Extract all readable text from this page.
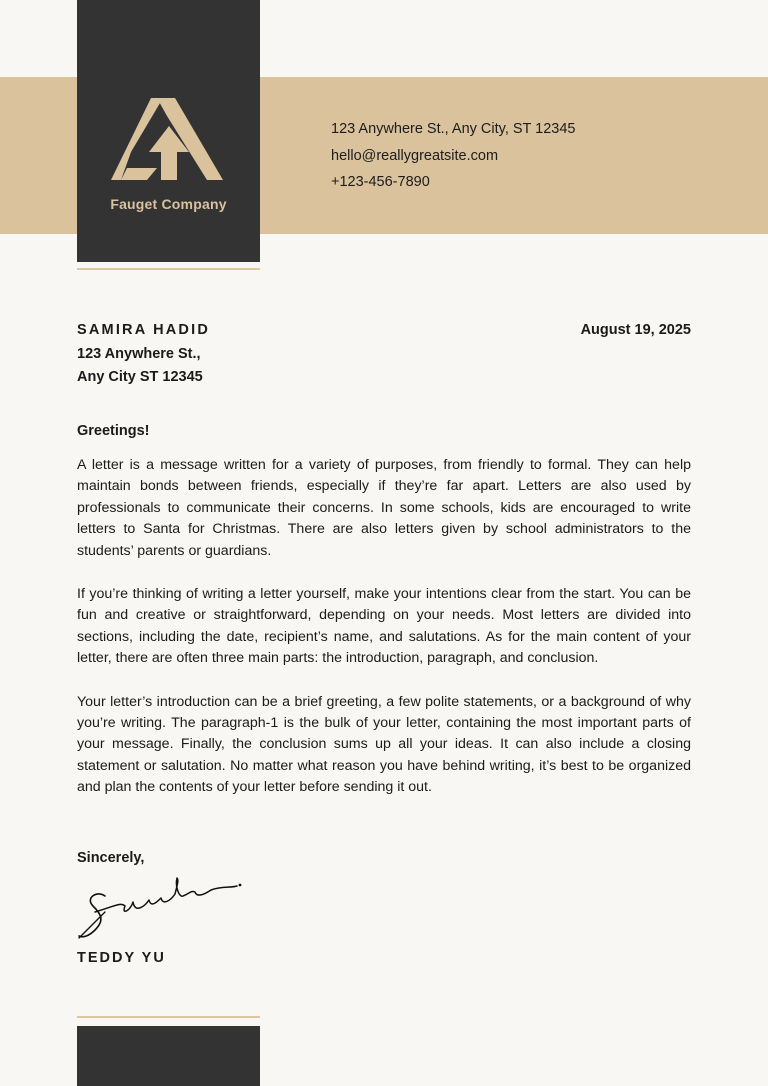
Fauget Company
123 Anywhere St., Any City, ST 12345
hello@reallygreatsite.com
+123-456-7890
SAMIRA HADID
123 Anywhere St.,
Any City ST 12345
August 19, 2025
Greetings!

A letter is a message written for a variety of purposes, from friendly to formal. They can help maintain bonds between friends, especially if they’re far apart. Letters are also used by professionals to communicate their concerns. In some schools, kids are encouraged to write letters to Santa for Christmas. There are also letters given by school administrators to the students’ parents or guardians.

If you’re thinking of writing a letter yourself, make your intentions clear from the start. You can be fun and creative or straightforward, depending on your needs. Most letters are divided into sections, including the date, recipient’s name, and salutations. As for the main content of your letter, there are often three main parts: the introduction, paragraph, and conclusion.

Your letter’s introduction can be a brief greeting, a few polite statements, or a background of why you’re writing. The paragraph-1 is the bulk of your letter, containing the most important parts of your message. Finally, the conclusion sums up all your ideas. It can also include a closing statement or salutation. No matter what reason you have behind writing, it’s best to be organized and plan the contents of your letter before sending it out.

Sincerely,
TEDDY YU
